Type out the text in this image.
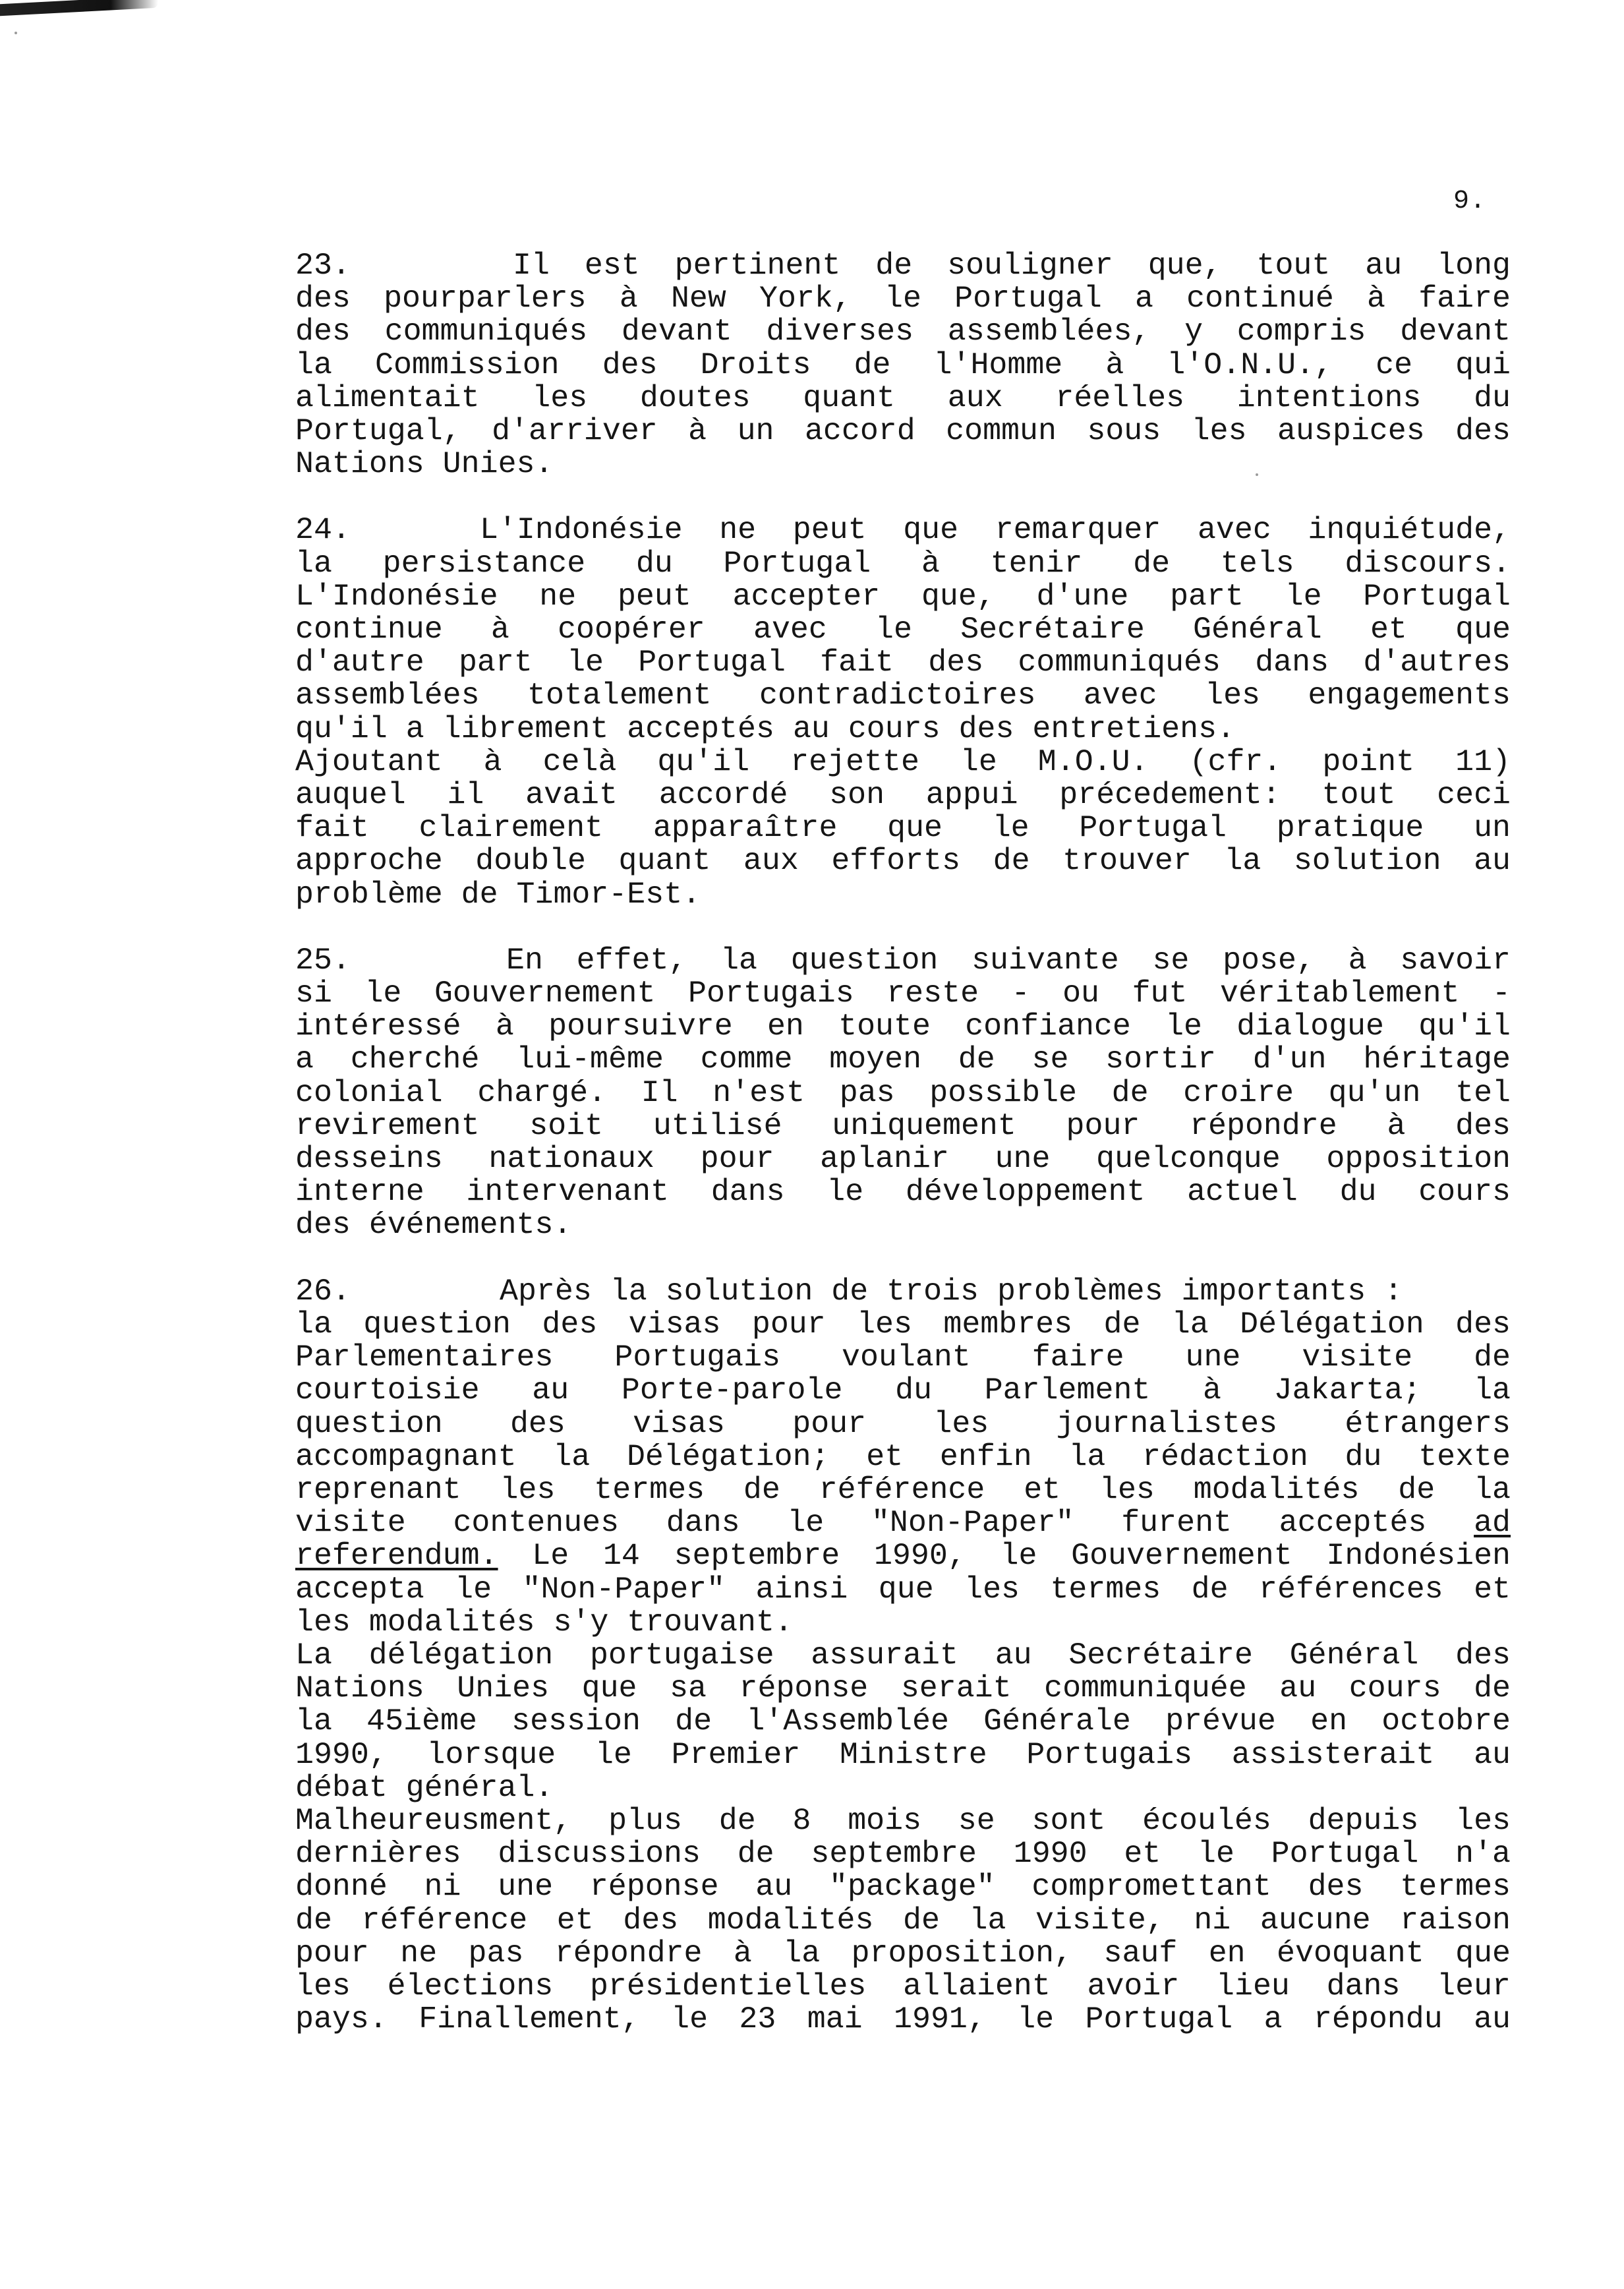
9.
23.	Il est pertinent de souligner que, tout au long
des pourparlers à New York, le Portugal a continué à faire
des communiqués devant diverses assemblées, y compris devant
la Commission des Droits de l'Homme à l'O.N.U., ce qui
alimentait les doutes quant aux réelles intentions du
Portugal, d'arriver à un accord commun sous les auspices des
Nations Unies.
24.	L'Indonésie ne peut que remarquer avec inquiétude,
la persistance du Portugal à tenir de tels discours.
L'Indonésie ne peut accepter que, d'une part le Portugal
continue à coopérer avec le Secrétaire Général et que
d'autre part le Portugal fait des communiqués dans d'autres
assemblées totalement contradictoires avec les engagements
qu'il a librement acceptés au cours des entretiens.
Ajoutant à celà qu'il rejette le M.O.U. (cfr. point 11)
auquel il avait accordé son appui précedement: tout ceci
fait clairement apparaître que le Portugal pratique un
approche double quant aux efforts de trouver la solution au
problème de Timor-Est.
25.	En effet, la question suivante se pose, à savoir
si le Gouvernement Portugais reste - ou fut véritablement -
intéressé à poursuivre en toute confiance le dialogue qu'il
a cherché lui-même comme moyen de se sortir d'un héritage
colonial chargé. Il n'est pas possible de croire qu'un tel
revirement soit utilisé uniquement pour répondre à des
desseins nationaux pour aplanir une quelconque opposition
interne intervenant dans le développement actuel du cours
des événements.
26.	Après la solution de trois problèmes importants :
la question des visas pour les membres de la Délégation des
Parlementaires Portugais voulant faire une visite de
courtoisie au Porte-parole du Parlement à Jakarta; la
question des visas pour les journalistes étrangers
accompagnant la Délégation; et enfin la rédaction du texte
reprenant les termes de référence et les modalités de la
visite contenues dans le "Non-Paper" furent acceptés ad
referendum. Le 14 septembre 1990, le Gouvernement Indonésien
accepta le "Non-Paper" ainsi que les termes de références et
les modalités s'y trouvant.
La délégation portugaise assurait au Secrétaire Général des
Nations Unies que sa réponse serait communiquée au cours de
la 45ième session de l'Assemblée Générale prévue en octobre
1990, lorsque le Premier Ministre Portugais assisterait au
débat général.
Malheureusment, plus de 8 mois se sont écoulés depuis les
dernières discussions de septembre 1990 et le Portugal n'a
donné ni une réponse au "package" compromettant des termes
de référence et des modalités de la visite, ni aucune raison
pour ne pas répondre à la proposition, sauf en évoquant que
les élections présidentielles allaient avoir lieu dans leur
pays. Finallement, le 23 mai 1991, le Portugal a répondu au
